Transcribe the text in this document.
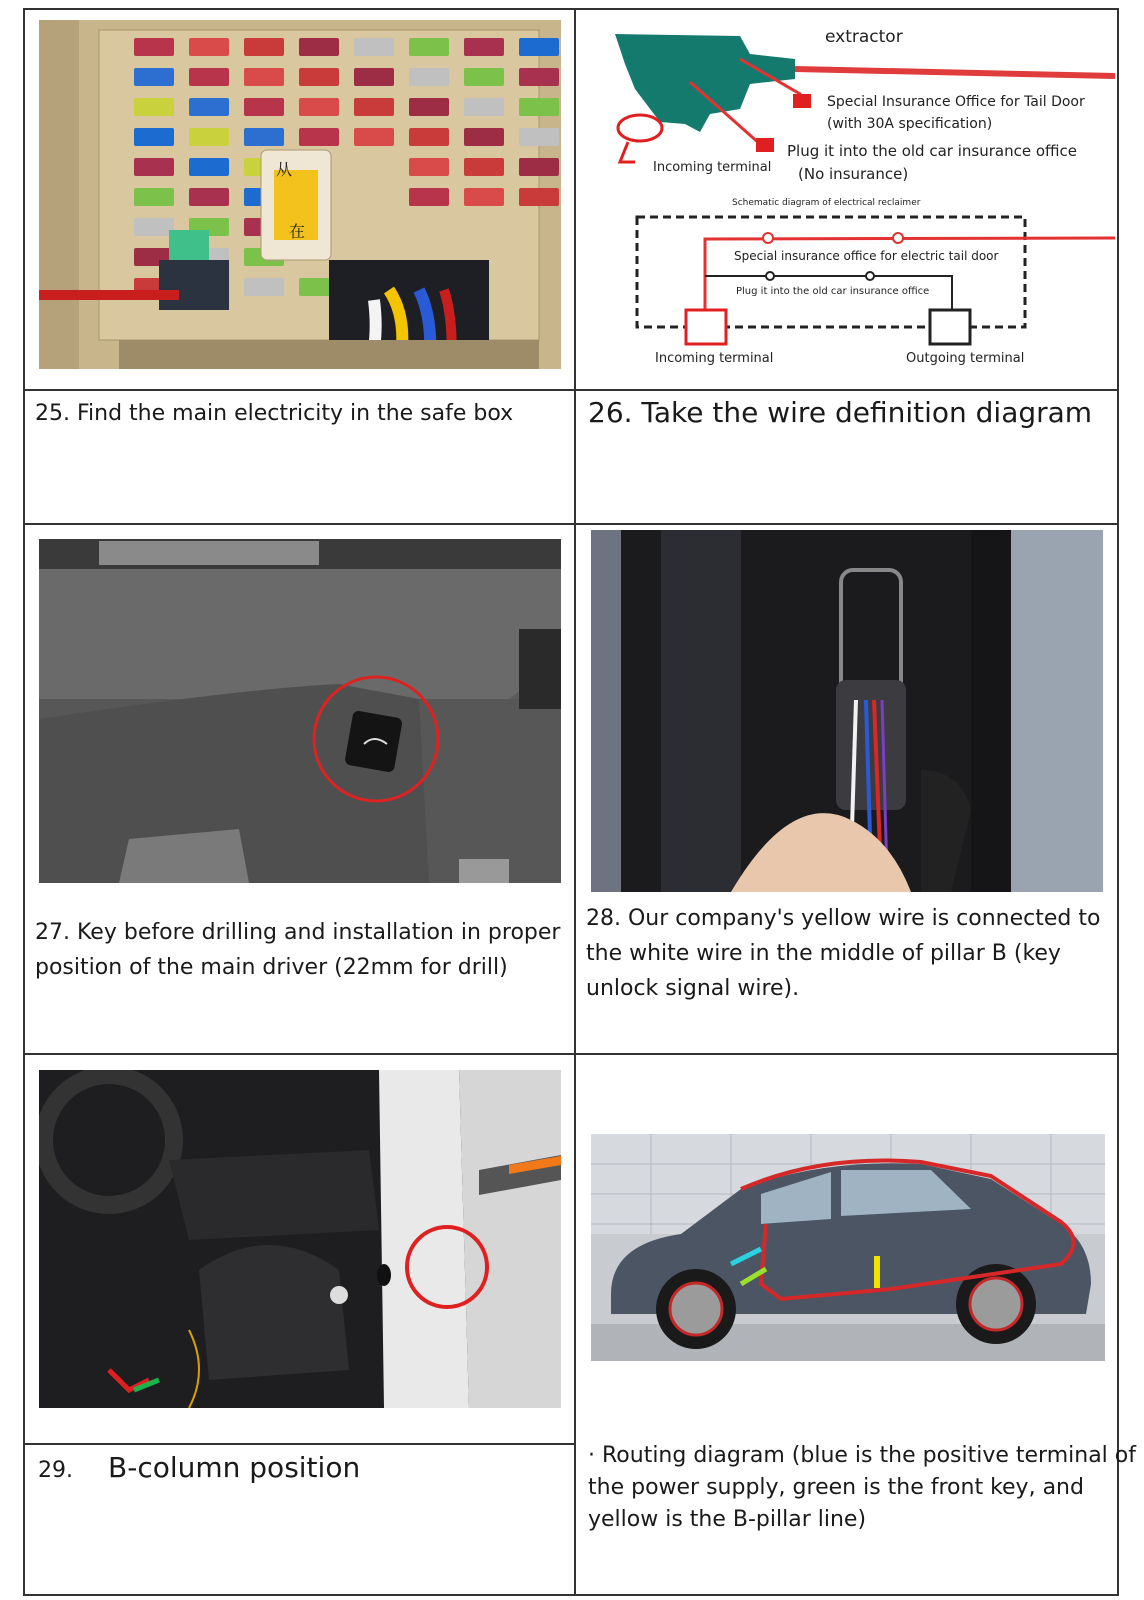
从
在
extractor
Special Insurance Office for Tail Door
(with 30A specification)
Plug it into the old car insurance office
(No insurance)
Incoming terminal
Schematic diagram of electrical reclaimer
Special insurance office for electric tail door
Plug it into the old car insurance office
Incoming terminal	Outgoing terminal
25. Find the main electricity in the safe box	26. Take the wire definition diagram
27. Key before drilling and installation in proper
position of the main driver (22mm for drill)
28. Our company's yellow wire is connected to
the white wire in the middle of pillar B (key
unlock signal wire).
29. B-column position	· Routing diagram (blue is the positive terminal of
the power supply, green is the front key, and
yellow is the B-pillar line)
